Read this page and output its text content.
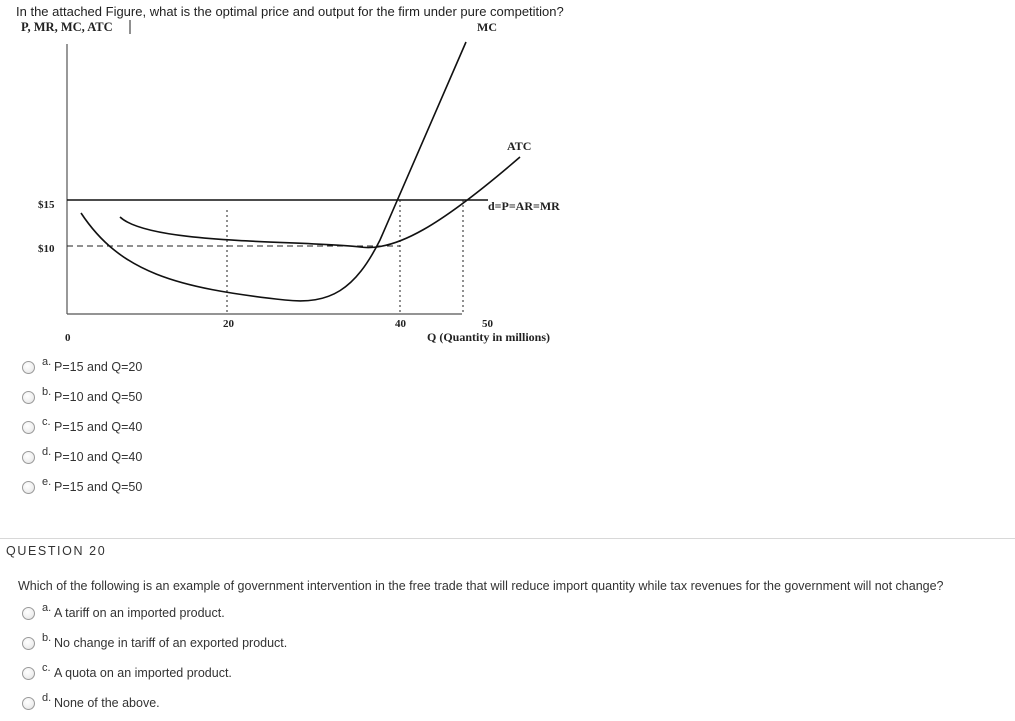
In the attached Figure, what is the optimal price and output for the firm under pure competition?
P, MR, MC, ATC	MC
ATC
d=P=AR=MR
$15
$10
0
20	40	50
Q (Quantity in millions)
a. P=15 and Q=20
b. P=10 and Q=50
c. P=15 and Q=40
d. P=10 and Q=40
e. P=15 and Q=50
QUESTION 20
Which of the following is an example of government intervention in the free trade that will reduce import quantity while tax revenues for the government will not change?
a. A tariff on an imported product.
b. No change in tariff of an exported product.
c. A quota on an imported product.
d. None of the above.
